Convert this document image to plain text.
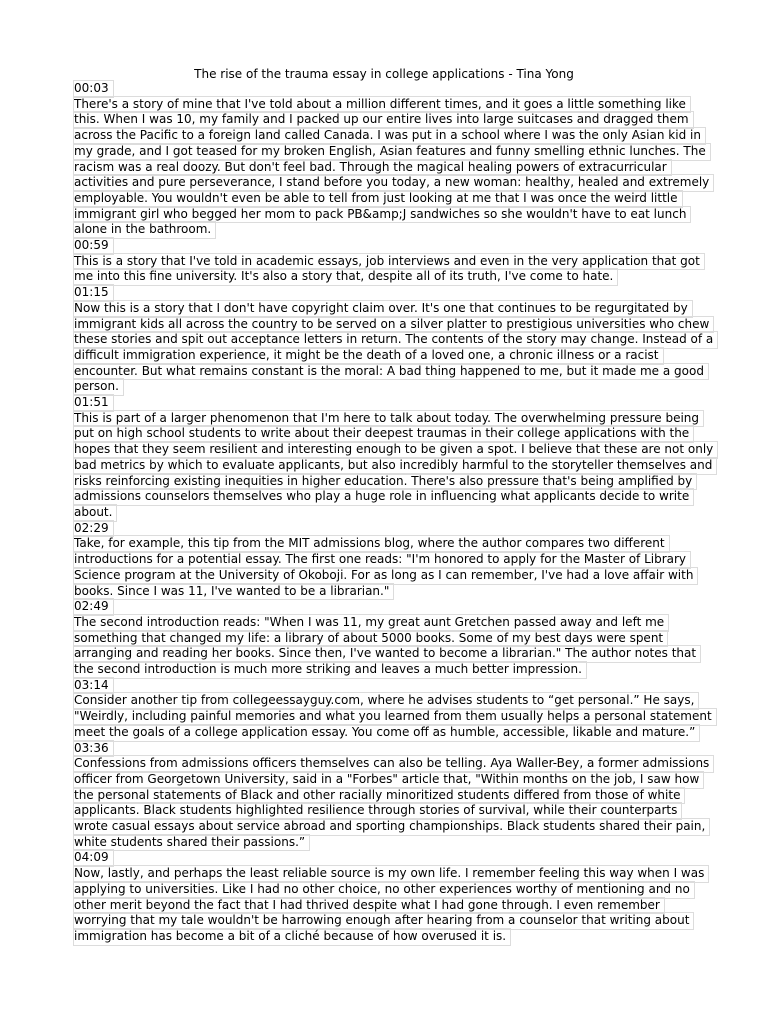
The rise of the trauma essay in college applications - Tina Yong
00:03
There's a story of mine that I've told about a million different times, and it goes a little something like
this. When I was 10, my family and I packed up our entire lives into large suitcases and dragged them
across the Pacific to a foreign land called Canada. I was put in a school where I was the only Asian kid in
my grade, and I got teased for my broken English, Asian features and funny smelling ethnic lunches. The
racism was a real doozy. But don't feel bad. Through the magical healing powers of extracurricular
activities and pure perseverance, I stand before you today, a new woman: healthy, healed and extremely
employable. You wouldn't even be able to tell from just looking at me that I was once the weird little
immigrant girl who begged her mom to pack PB&amp;J sandwiches so she wouldn't have to eat lunch
alone in the bathroom.
00:59
This is a story that I've told in academic essays, job interviews and even in the very application that got
me into this fine university. It's also a story that, despite all of its truth, I've come to hate.
01:15
Now this is a story that I don't have copyright claim over. It's one that continues to be regurgitated by
immigrant kids all across the country to be served on a silver platter to prestigious universities who chew
these stories and spit out acceptance letters in return. The contents of the story may change. Instead of a
difficult immigration experience, it might be the death of a loved one, a chronic illness or a racist
encounter. But what remains constant is the moral: A bad thing happened to me, but it made me a good
person.
01:51
This is part of a larger phenomenon that I'm here to talk about today. The overwhelming pressure being
put on high school students to write about their deepest traumas in their college applications with the
hopes that they seem resilient and interesting enough to be given a spot. I believe that these are not only
bad metrics by which to evaluate applicants, but also incredibly harmful to the storyteller themselves and
risks reinforcing existing inequities in higher education. There's also pressure that's being amplified by
admissions counselors themselves who play a huge role in influencing what applicants decide to write
about.
02:29
Take, for example, this tip from the MIT admissions blog, where the author compares two different
introductions for a potential essay. The first one reads: "I'm honored to apply for the Master of Library
Science program at the University of Okoboji. For as long as I can remember, I've had a love affair with
books. Since I was 11, I've wanted to be a librarian."
02:49
The second introduction reads: "When I was 11, my great aunt Gretchen passed away and left me
something that changed my life: a library of about 5000 books. Some of my best days were spent
arranging and reading her books. Since then, I've wanted to become a librarian." The author notes that
the second introduction is much more striking and leaves a much better impression.
03:14
Consider another tip from collegeessayguy.com, where he advises students to “get personal.” He says,
"Weirdly, including painful memories and what you learned from them usually helps a personal statement
meet the goals of a college application essay. You come off as humble, accessible, likable and mature.”
03:36
Confessions from admissions officers themselves can also be telling. Aya Waller-Bey, a former admissions
officer from Georgetown University, said in a "Forbes" article that, "Within months on the job, I saw how
the personal statements of Black and other racially minoritized students differed from those of white
applicants. Black students highlighted resilience through stories of survival, while their counterparts
wrote casual essays about service abroad and sporting championships. Black students shared their pain,
white students shared their passions.”
04:09
Now, lastly, and perhaps the least reliable source is my own life. I remember feeling this way when I was
applying to universities. Like I had no other choice, no other experiences worthy of mentioning and no
other merit beyond the fact that I had thrived despite what I had gone through. I even remember
worrying that my tale wouldn't be harrowing enough after hearing from a counselor that writing about
immigration has become a bit of a cliché because of how overused it is.
